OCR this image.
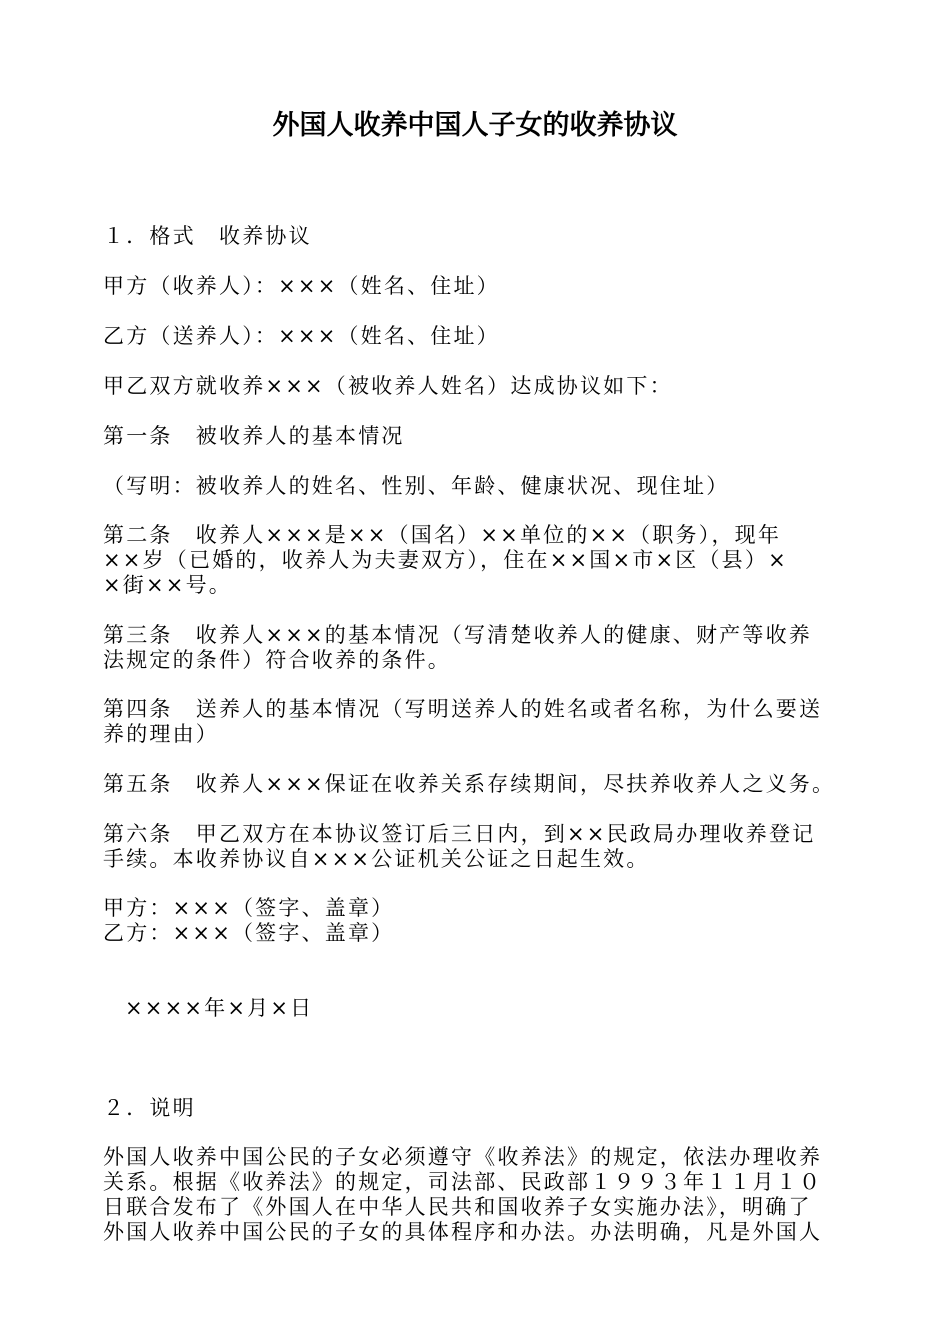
外国人收养中国人子女的收养协议
１．格式　收养协议
甲方（收养人）：×××（姓名、住址）
乙方（送养人）：×××（姓名、住址）
甲乙双方就收养×××（被收养人姓名）达成协议如下：
第一条　被收养人的基本情况
（写明：被收养人的姓名、性别、年龄、健康状况、现住址）
第二条　收养人×××是××（国名）××单位的××（职务），现年
××岁（已婚的，收养人为夫妻双方），住在××国×市×区（县）×
×街××号。
第三条　收养人×××的基本情况（写清楚收养人的健康、财产等收养
法规定的条件）符合收养的条件。
第四条　送养人的基本情况（写明送养人的姓名或者名称，为什么要送
养的理由）
第五条　收养人×××保证在收养关系存续期间，尽扶养收养人之义务。
第六条　甲乙双方在本协议签订后三日内，到××民政局办理收养登记
手续。本收养协议自×××公证机关公证之日起生效。
甲方：×××（签字、盖章）
乙方：×××（签字、盖章）
××××年×月×日
２．说明
外国人收养中国公民的子女必须遵守《收养法》的规定，依法办理收养
关系。根据《收养法》的规定，司法部、民政部１９９３年１１月１０
日联合发布了《外国人在中华人民共和国收养子女实施办法》，明确了
外国人收养中国公民的子女的具体程序和办法。办法明确，凡是外国人
